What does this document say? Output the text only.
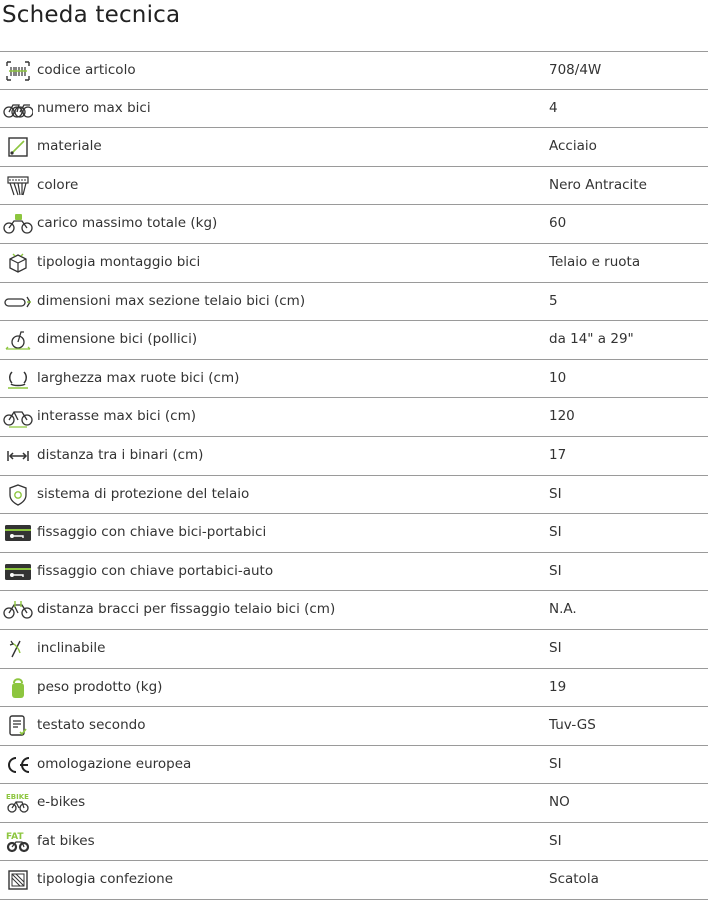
Scheda tecnica
codice articolo	708/4W
numero max bici	4
materiale	Acciaio
colore	Nero Antracite
carico massimo totale (kg)	60
tipologia montaggio bici	Telaio e ruota
dimensioni max sezione telaio bici (cm)	5
dimensione bici (pollici)	da 14" a 29"
larghezza max ruote bici (cm)	10
interasse max bici (cm)	120
distanza tra i binari (cm)	17
sistema di protezione del telaio	SI
fissaggio con chiave bici-portabici	SI
fissaggio con chiave portabici-auto	SI
distanza bracci per fissaggio telaio bici (cm)	N.A.
inclinabile	SI
peso prodotto (kg)	19
testato secondo	Tuv-GS
omologazione europea	SI
EBIKE e-bikes	NO
FAT fat bikes	SI
tipologia confezione	Scatola
